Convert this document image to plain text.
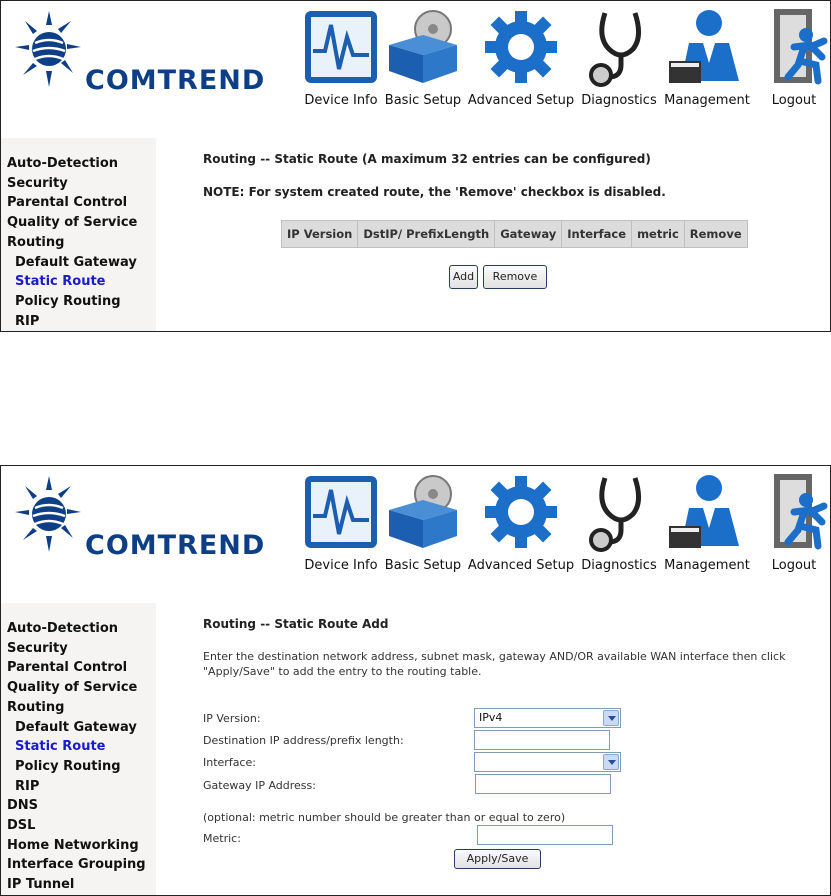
COMTREND
Device Info Basic Setup Advanced Setup Diagnostics Management	Logout
Auto-Detection
Security
Parental Control
Quality of Service
Routing
Default Gateway
Static Route
Policy Routing
RIP
Routing -- Static Route (A maximum 32 entries can be configured)
NOTE: For system created route, the 'Remove' checkbox is disabled.
IP Version	DstIP/ PrefixLength	Gateway	Interface	metric	Remove
Add	Remove
COMTREND
Device Info Basic Setup Advanced Setup Diagnostics Management	Logout
Auto-Detection
Security
Parental Control
Quality of Service
Routing
Default Gateway
Static Route
Policy Routing
RIP
DNS
DSL
Home Networking
Interface Grouping
IP Tunnel
Routing -- Static Route Add
Enter the destination network address, subnet mask, gateway AND/OR available WAN interface then click "Apply/Save" to add the entry to the routing table.
IP Version:	IPv4
Destination IP address/prefix length:
Interface:
Gateway IP Address:
(optional: metric number should be greater than or equal to zero)
Metric:
Apply/Save
